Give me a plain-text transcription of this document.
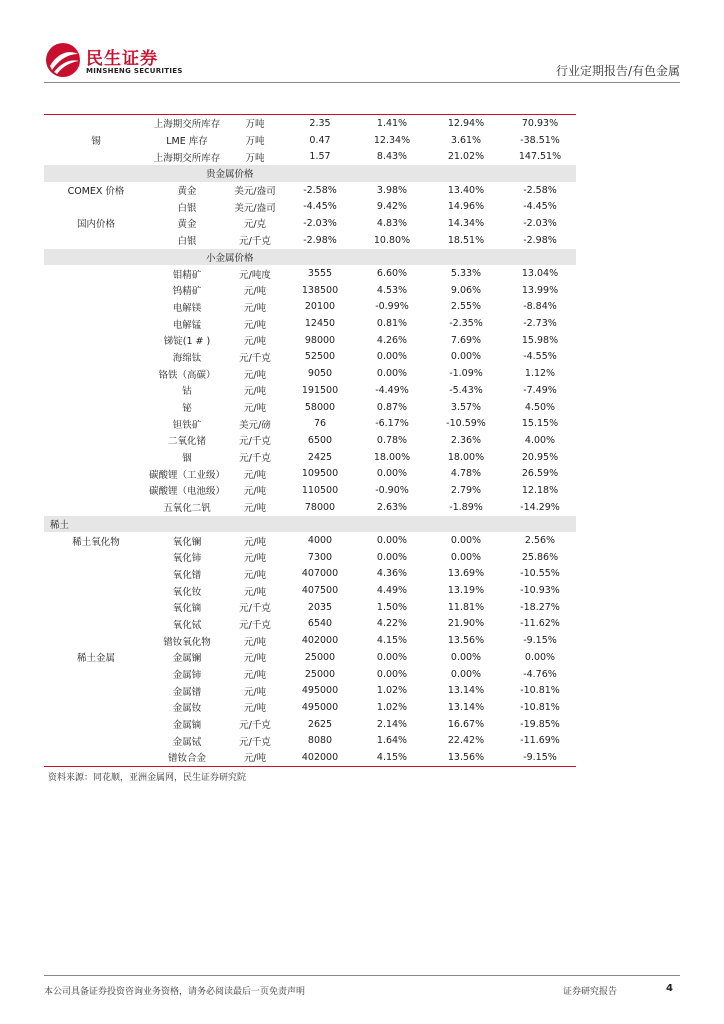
民生证券
MINSHENG SECURITIES	行业定期报告/有色金属
	上海期交所库存	万吨	2.35	1.41%	12.94%	70.93%
锡	LME 库存	万吨	0.47	12.34%	3.61%	-38.51%
	上海期交所库存	万吨	1.57	8.43%	21.02%	147.51%
	贵金属价格					
COMEX 价格	黄金	美元/盎司	-2.58%	3.98%	13.40%	-2.58%
	白银	美元/盎司	-4.45%	9.42%	14.96%	-4.45%
国内价格	黄金	元/克	-2.03%	4.83%	14.34%	-2.03%
	白银	元/千克	-2.98%	10.80%	18.51%	-2.98%
	小金属价格					
	钼精矿	元/吨度	3555	6.60%	5.33%	13.04%
	钨精矿	元/吨	138500	4.53%	9.06%	13.99%
	电解镁	元/吨	20100	-0.99%	2.55%	-8.84%
	电解锰	元/吨	12450	0.81%	-2.35%	-2.73%
	锑锭(1 # )	元/吨	98000	4.26%	7.69%	15.98%
	海绵钛	元/千克	52500	0.00%	0.00%	-4.55%
	铬铁（高碳）	元/吨	9050	0.00%	-1.09%	1.12%
	钴	元/吨	191500	-4.49%	-5.43%	-7.49%
	铋	元/吨	58000	0.87%	3.57%	4.50%
	钽铁矿	美元/磅	76	-6.17%	-10.59%	15.15%
	二氧化锗	元/千克	6500	0.78%	2.36%	4.00%
	铟	元/千克	2425	18.00%	18.00%	20.95%
	碳酸锂（工业级）	元/吨	109500	0.00%	4.78%	26.59%
	碳酸锂（电池级）	元/吨	110500	-0.90%	2.79%	12.18%
	五氧化二钒	元/吨	78000	2.63%	-1.89%	-14.29%
稀土						
稀土氧化物	氧化镧	元/吨	4000	0.00%	0.00%	2.56%
	氧化铈	元/吨	7300	0.00%	0.00%	25.86%
	氧化镨	元/吨	407000	4.36%	13.69%	-10.55%
	氧化钕	元/吨	407500	4.49%	13.19%	-10.93%
	氧化镝	元/千克	2035	1.50%	11.81%	-18.27%
	氧化铽	元/千克	6540	4.22%	21.90%	-11.62%
	镨钕氧化物	元/吨	402000	4.15%	13.56%	-9.15%
稀土金属	金属镧	元/吨	25000	0.00%	0.00%	0.00%
	金属铈	元/吨	25000	0.00%	0.00%	-4.76%
	金属镨	元/吨	495000	1.02%	13.14%	-10.81%
	金属钕	元/吨	495000	1.02%	13.14%	-10.81%
	金属镝	元/千克	2625	2.14%	16.67%	-19.85%
	金属铽	元/千克	8080	1.64%	22.42%	-11.69%
	镨钕合金	元/吨	402000	4.15%	13.56%	-9.15%
资料来源：同花顺，亚洲金属网，民生证券研究院
本公司具备证券投资咨询业务资格，请务必阅读最后一页免责声明	证券研究报告	4
